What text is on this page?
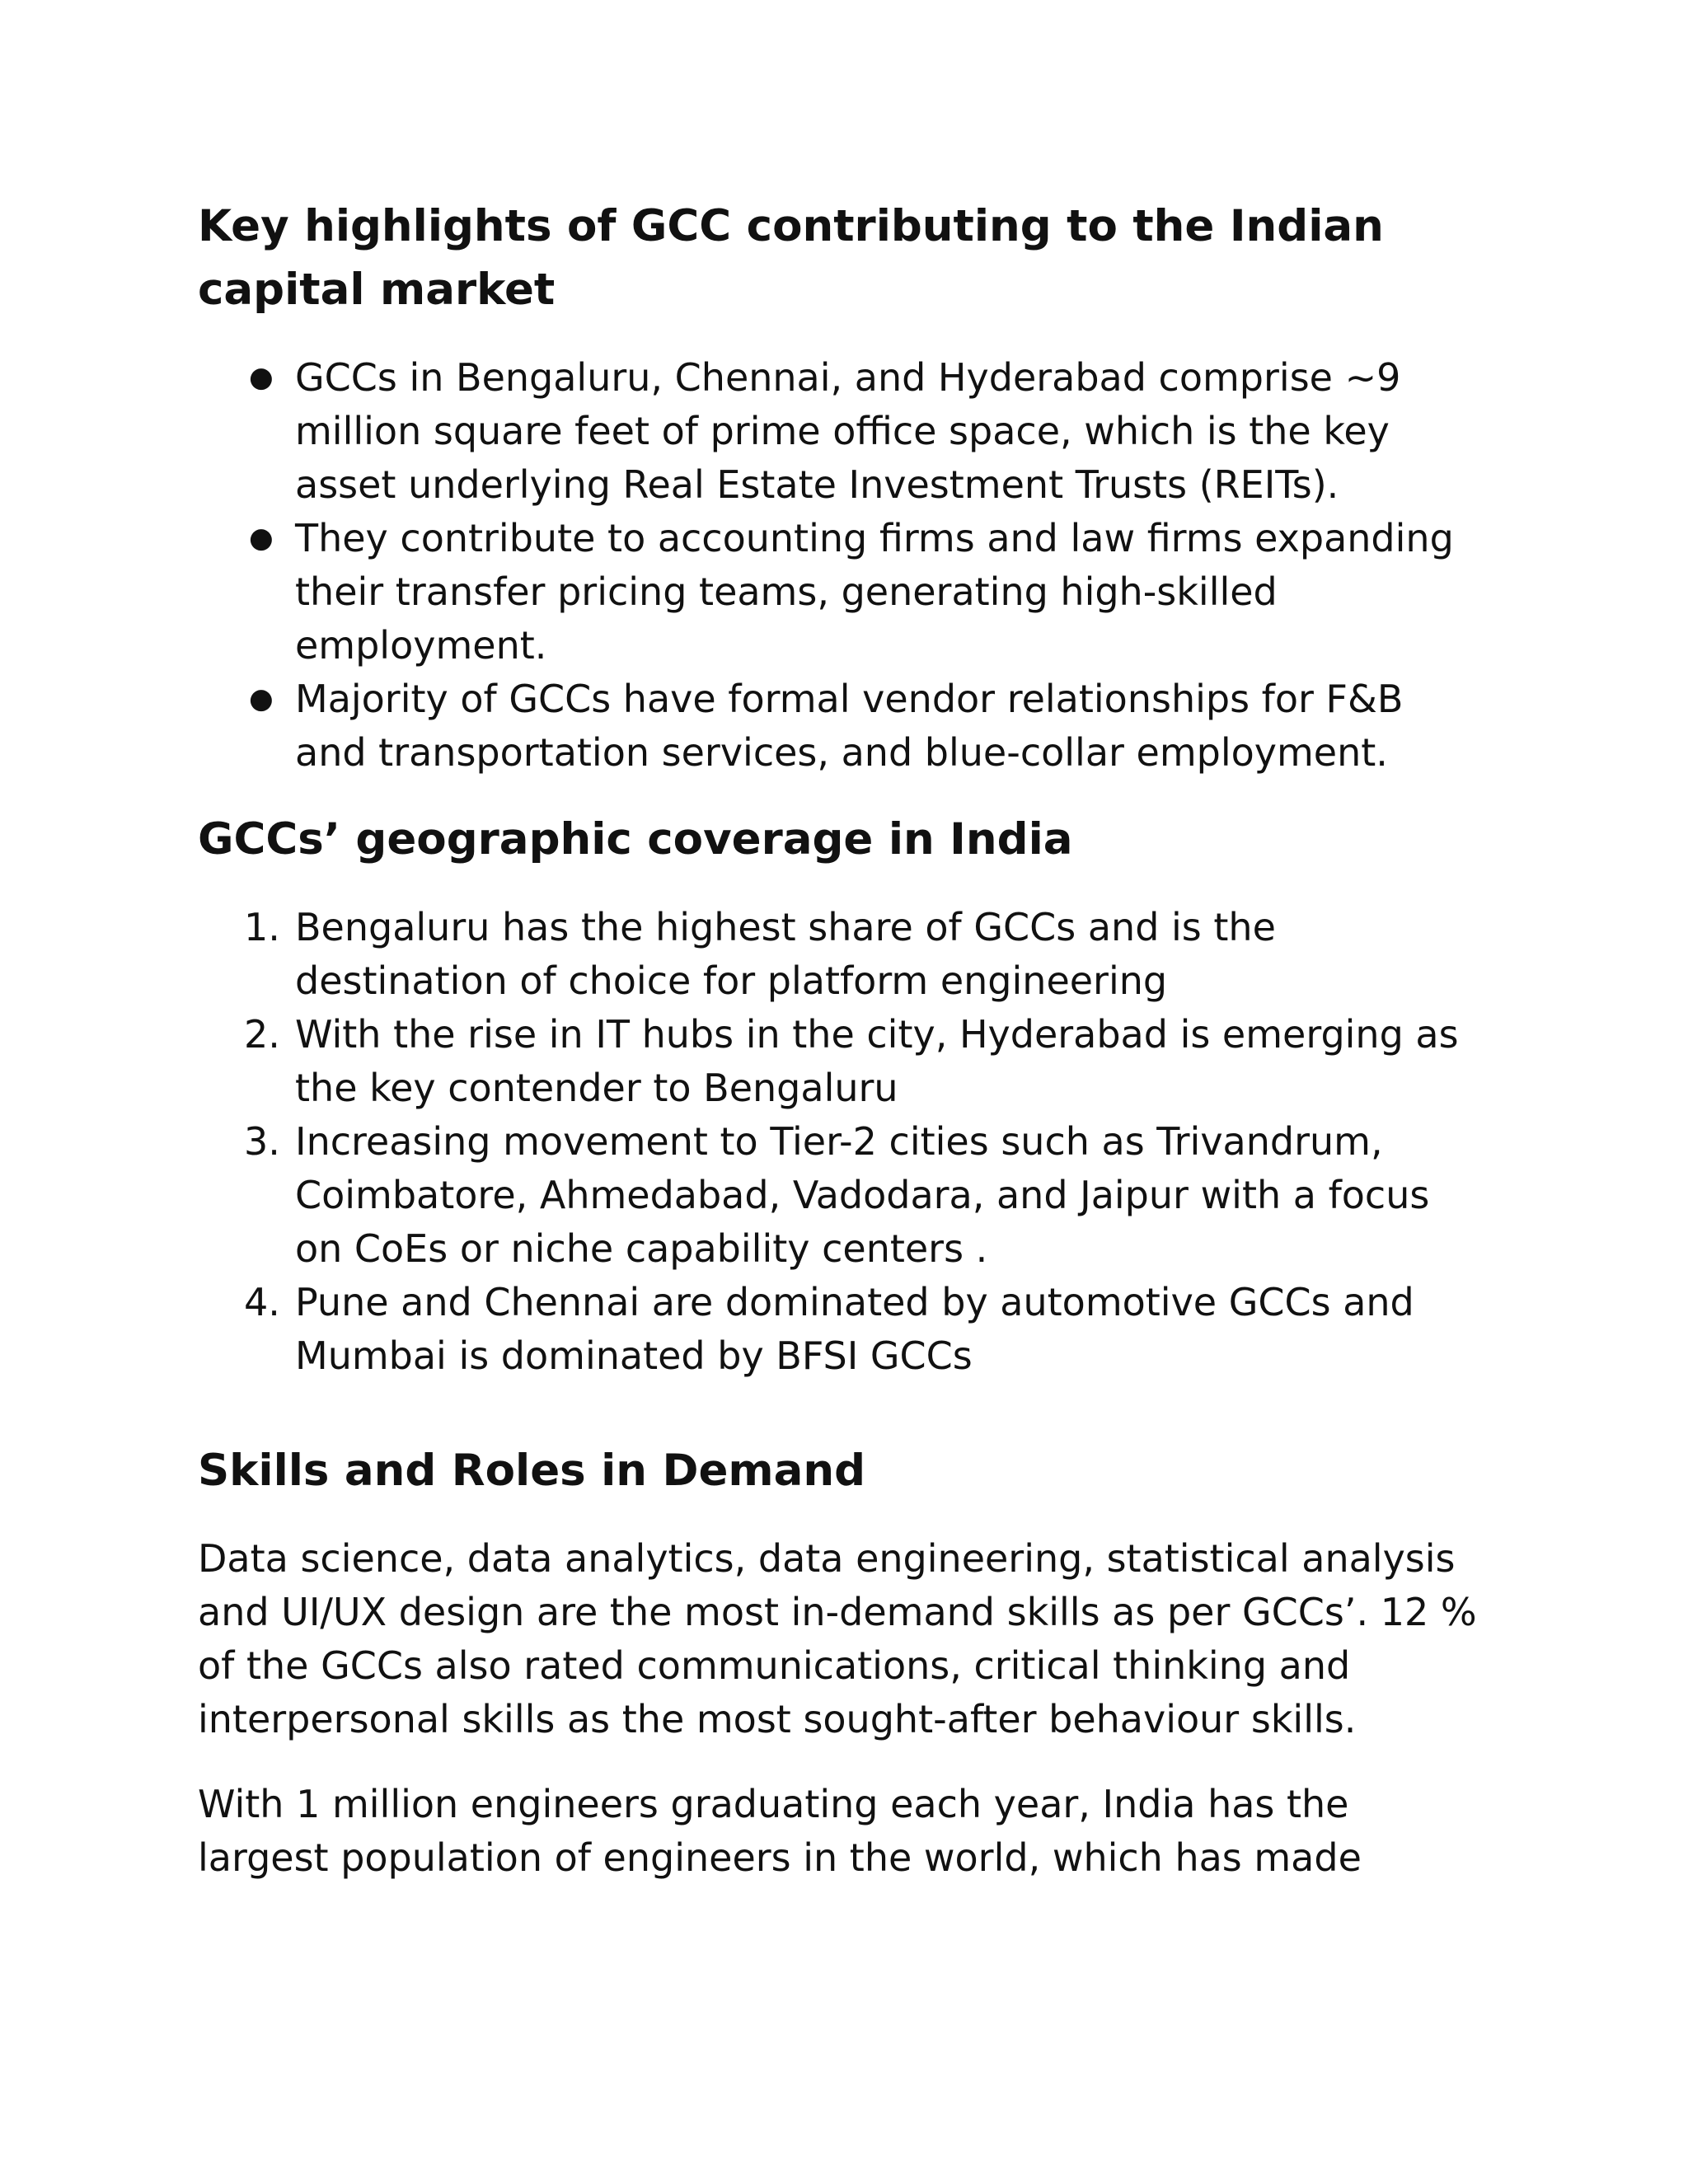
Key highlights of GCC contributing to the Indian capital market
● GCCs in Bengaluru, Chennai, and Hyderabad comprise ~9 million square feet of prime office space, which is the key asset underlying Real Estate Investment Trusts (REITs).
● They contribute to accounting firms and law firms expanding their transfer pricing teams, generating high-skilled employment.
● Majority of GCCs have formal vendor relationships for F&B and transportation services, and blue-collar employment.
GCCs’ geographic coverage in India
1. Bengaluru has the highest share of GCCs and is the destination of choice for platform engineering
2. With the rise in IT hubs in the city, Hyderabad is emerging as the key contender to Bengaluru
3. Increasing movement to Tier-2 cities such as Trivandrum, Coimbatore, Ahmedabad, Vadodara, and Jaipur with a focus on CoEs or niche capability centers .
4. Pune and Chennai are dominated by automotive GCCs and Mumbai is dominated by BFSI GCCs
Skills and Roles in Demand

Data science, data analytics, data engineering, statistical analysis and UI/UX design are the most in-demand skills as per GCCs’. 12 % of the GCCs also rated communications, critical thinking and interpersonal skills as the most sought-after behaviour skills.

With 1 million engineers graduating each year, India has the largest population of engineers in the world, which has made
